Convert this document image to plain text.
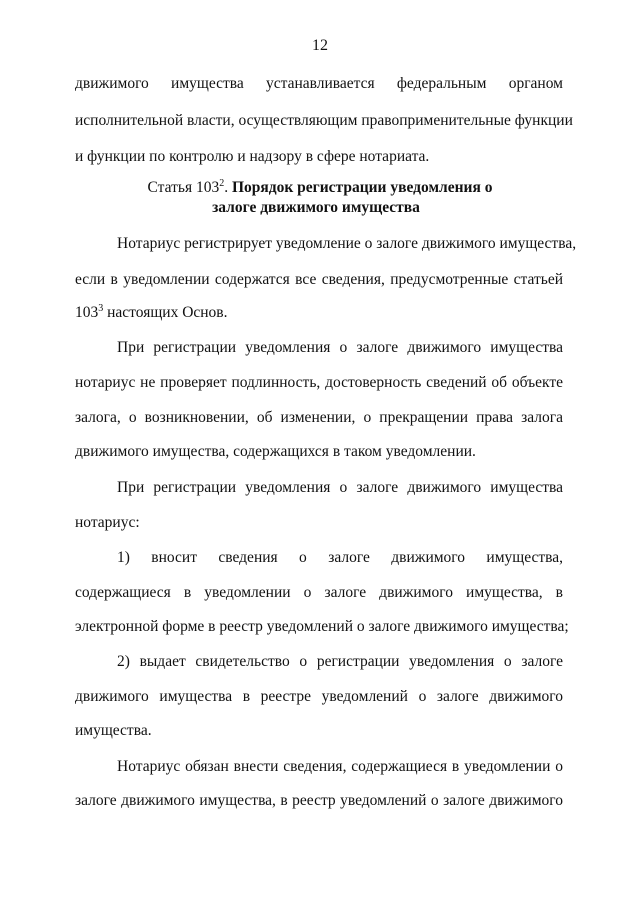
12
движимого имущества устанавливается федеральным органом
исполнительной власти, осуществляющим правоприменительные функции
и функции по контролю и надзору в сфере нотариата.
Статья $103^2$. Порядок регистрации уведомления о
залоге движимого имущества
Нотариус регистрирует уведомление о залоге движимого имущества,
если в уведомлении содержатся все сведения, предусмотренные статьей
$103^3$ настоящих Основ.
При регистрации уведомления о залоге движимого имущества
нотариус не проверяет подлинность, достоверность сведений об объекте
залога, о возникновении, об изменении, о прекращении права залога
движимого имущества, содержащихся в таком уведомлении.
При регистрации уведомления о залоге движимого имущества
нотариус:
1) вносит сведения о залоге движимого имущества,
содержащиеся в уведомлении о залоге движимого имущества, в
электронной форме в реестр уведомлений о залоге движимого имущества;
2) выдает свидетельство о регистрации уведомления о залоге
движимого имущества в реестре уведомлений о залоге движимого
имущества.
Нотариус обязан внести сведения, содержащиеся в уведомлении о
залоге движимого имущества, в реестр уведомлений о залоге движимого
